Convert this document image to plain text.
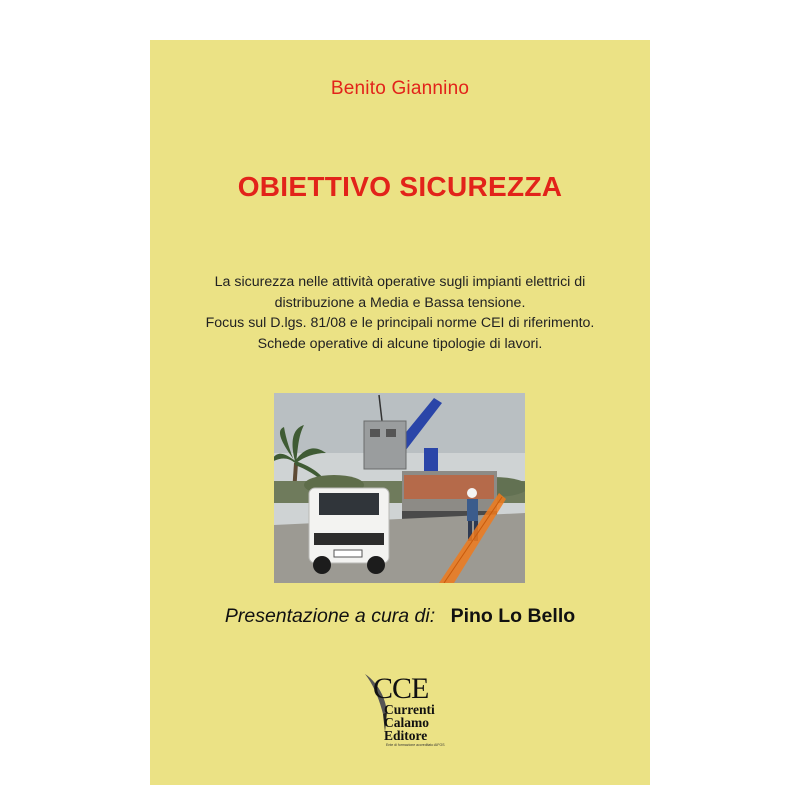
Benito Giannino
OBIETTIVO SICUREZZA
La sicurezza nelle attività operative sugli impianti elettrici di
distribuzione a Media e Bassa tensione.
Focus sul D.lgs. 81/08 e le principali norme CEI di riferimento.
Schede operative di alcune tipologie di lavori.
Presentazione a cura di: Pino Lo Bello
CCE
Currenti
Calamo
Editore
Ente di formazione accreditato AIFOS
